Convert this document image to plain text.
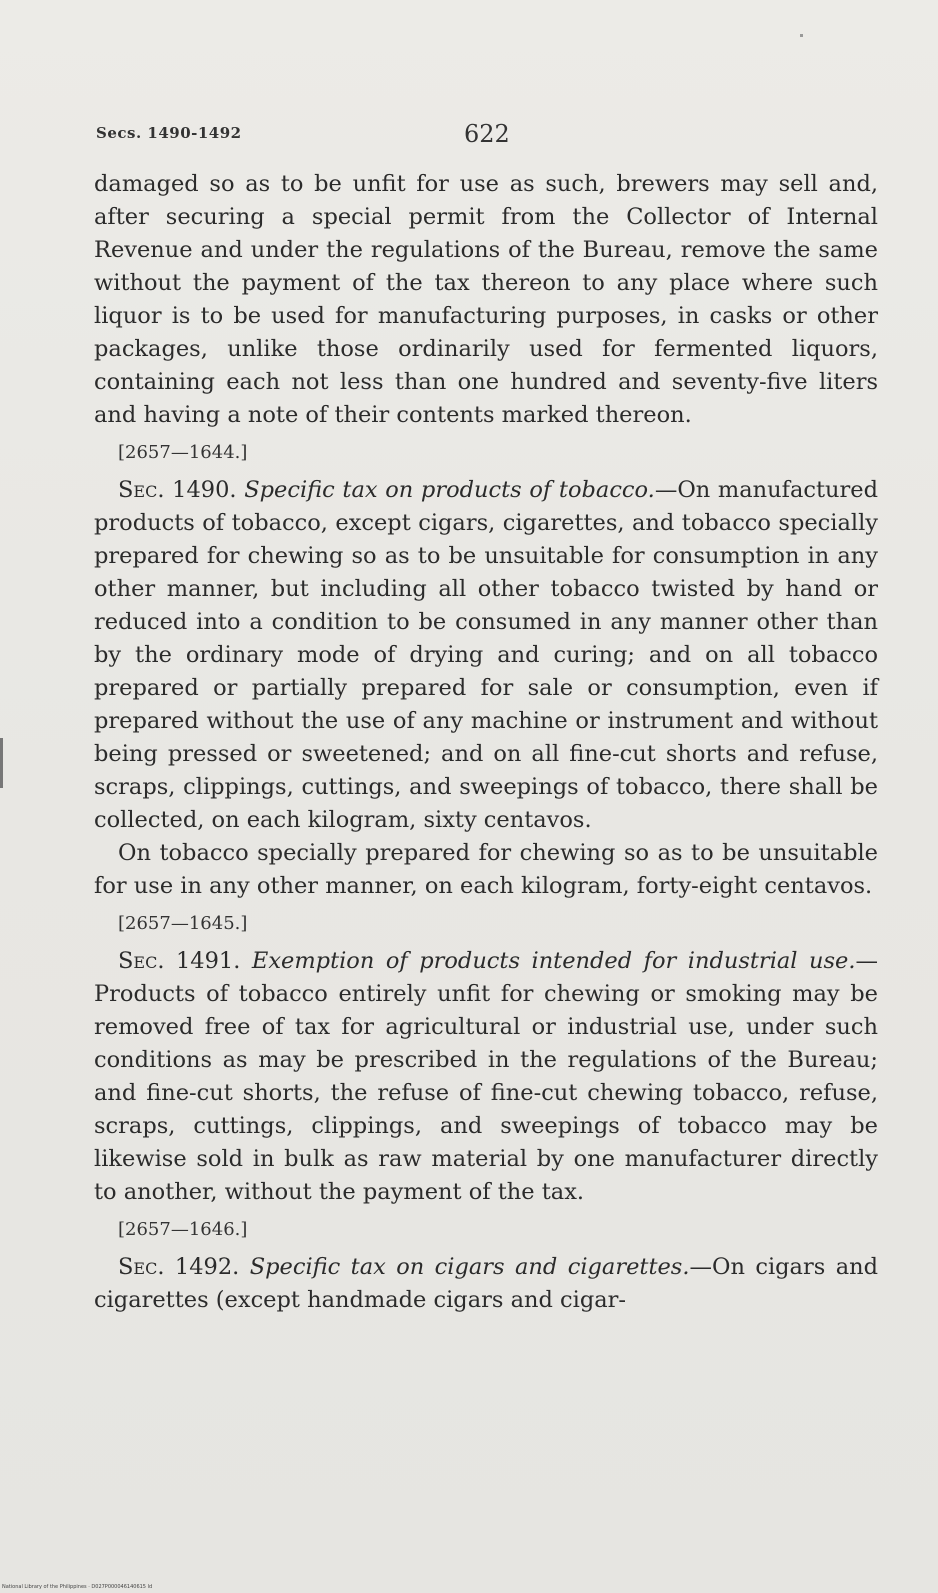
Secs. 1490-1492	622

damaged so as to be unfit for use as such, brewers may sell and, after securing a special permit from the Collector of Internal Revenue and under the regulations of the Bureau, remove the same without the payment of the tax thereon to any place where such liquor is to be used for manufacturing purposes, in casks or other packages, unlike those ordinarily used for fermented liquors, containing each not less than one hundred and seventy-five liters and having a note of their contents marked thereon.

[2657—1644.]

Sec. 1490. Specific tax on products of tobacco.—On manufactured products of tobacco, except cigars, cigarettes, and tobacco specially prepared for chewing so as to be unsuitable for consumption in any other manner, but including all other tobacco twisted by hand or reduced into a condition to be consumed in any manner other than by the ordinary mode of drying and curing; and on all tobacco prepared or partially prepared for sale or consumption, even if prepared without the use of any machine or instrument and without being pressed or sweetened; and on all fine-cut shorts and refuse, scraps, clippings, cuttings, and sweepings of tobacco, there shall be collected, on each kilogram, sixty centavos.

On tobacco specially prepared for chewing so as to be unsuitable for use in any other manner, on each kilogram, forty-eight centavos.

[2657—1645.]

Sec. 1491. Exemption of products intended for industrial use.—Products of tobacco entirely unfit for chewing or smoking may be removed free of tax for agricultural or industrial use, under such conditions as may be prescribed in the regulations of the Bureau; and fine-cut shorts, the refuse of fine-cut chewing tobacco, refuse, scraps, cuttings, clippings, and sweepings of tobacco may be likewise sold in bulk as raw material by one manufacturer directly to another, without the payment of the tax.

[2657—1646.]

Sec. 1492. Specific tax on cigars and cigarettes.—On cigars and cigarettes (except handmade cigars and cigar-

National Library of the Philippines · D027P000046140615 ld
